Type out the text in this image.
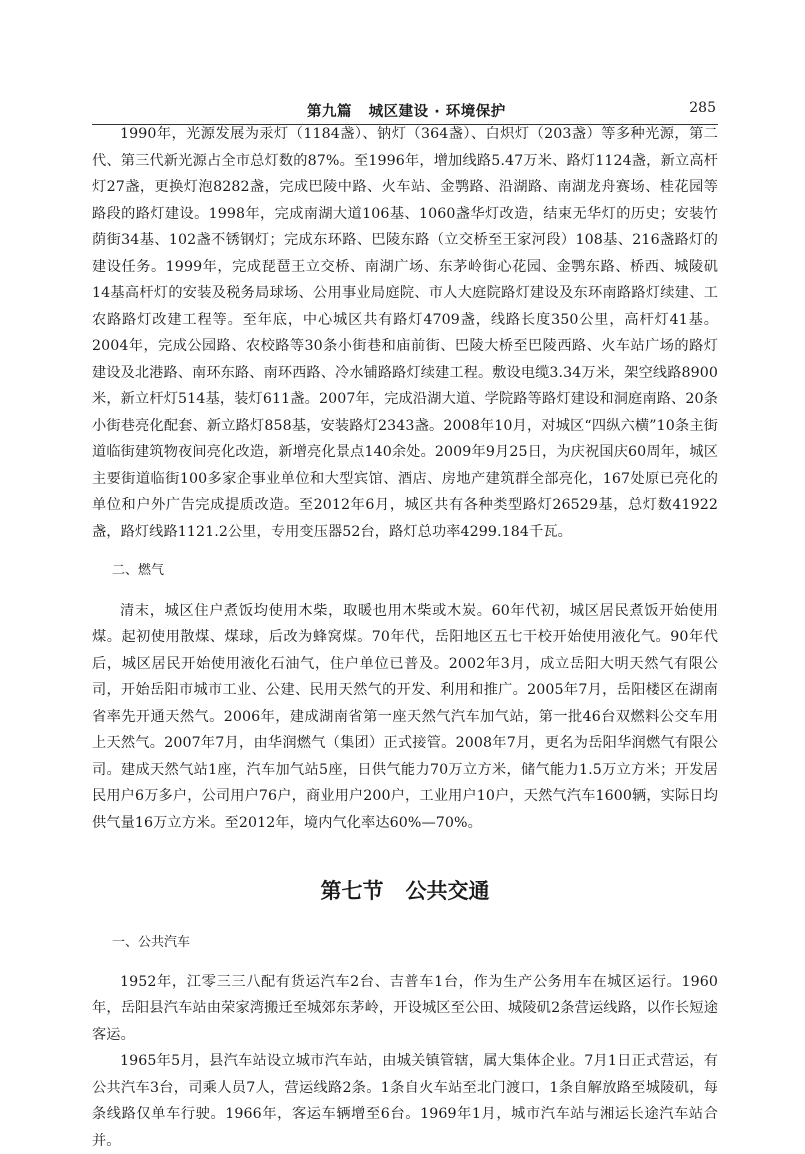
第九篇   城区建设 · 环境保护	285

1990年，光源发展为汞灯（1184盏）、钠灯（364盏）、白炽灯（203盏）等多种光源，第二代、第三代新光源占全市总灯数的87%。至1996年，增加线路5.47万米、路灯1124盏，新立高杆灯27盏，更换灯泡8282盏，完成巴陵中路、火车站、金鹗路、沿湖路、南湖龙舟赛场、桂花园等路段的路灯建设。1998年，完成南湖大道106基、1060盏华灯改造，结束无华灯的历史；安装竹荫街34基、102盏不锈钢灯；完成东环路、巴陵东路（立交桥至王家河段）108基、216盏路灯的建设任务。1999年，完成琵琶王立交桥、南湖广场、东茅岭街心花园、金鹗东路、桥西、城陵矶14基高杆灯的安装及税务局球场、公用事业局庭院、市人大庭院路灯建设及东环南路路灯续建、工农路路灯改建工程等。至年底，中心城区共有路灯4709盏，线路长度350公里，高杆灯41基。2004年，完成公园路、农校路等30条小街巷和庙前街、巴陵大桥至巴陵西路、火车站广场的路灯建设及北港路、南环东路、南环西路、冷水铺路路灯续建工程。敷设电缆3.34万米，架空线路8900米，新立杆灯514基，装灯611盏。2007年，完成沿湖大道、学院路等路灯建设和洞庭南路、20条小街巷亮化配套、新立路灯858基，安装路灯2343盏。2008年10月，对城区“四纵六横”10条主街道临街建筑物夜间亮化改造，新增亮化景点140余处。2009年9月25日，为庆祝国庆60周年，城区主要街道临街100多家企事业单位和大型宾馆、酒店、房地产建筑群全部亮化，167处原已亮化的单位和户外广告完成提质改造。至2012年6月，城区共有各种类型路灯26529基，总灯数41922盏，路灯线路1121.2公里，专用变压器52台，路灯总功率4299.184千瓦。

二、燃气

清末，城区住户煮饭均使用木柴，取暖也用木柴或木炭。60年代初，城区居民煮饭开始使用煤。起初使用散煤、煤球，后改为蜂窝煤。70年代，岳阳地区五七干校开始使用液化气。90年代后，城区居民开始使用液化石油气，住户单位已普及。2002年3月，成立岳阳大明天然气有限公司，开始岳阳市城市工业、公建、民用天然气的开发、利用和推广。2005年7月，岳阳楼区在湖南省率先开通天然气。2006年，建成湖南省第一座天然气汽车加气站，第一批46台双燃料公交车用上天然气。2007年7月，由华润燃气（集团）正式接管。2008年7月，更名为岳阳华润燃气有限公司。建成天然气站1座，汽车加气站5座，日供气能力70万立方米，储气能力1.5万立方米；开发居民用户6万多户，公司用户76户，商业用户200户，工业用户10户，天然气汽车1600辆，实际日均供气量16万立方米。至2012年，境内气化率达60%—70%。

第七节   公共交通

一、公共汽车

1952年，江零三三八配有货运汽车2台、吉普车1台，作为生产公务用车在城区运行。1960年，岳阳县汽车站由荣家湾搬迁至城郊东茅岭，开设城区至公田、城陵矶2条营运线路，以作长短途客运。

1965年5月，县汽车站设立城市汽车站，由城关镇管辖，属大集体企业。7月1日正式营运，有公共汽车3台，司乘人员7人，营运线路2条。1条自火车站至北门渡口，1条自解放路至城陵矶，每条线路仅单车行驶。1966年，客运车辆增至6台。1969年1月，城市汽车站与湘运长途汽车站合并。
